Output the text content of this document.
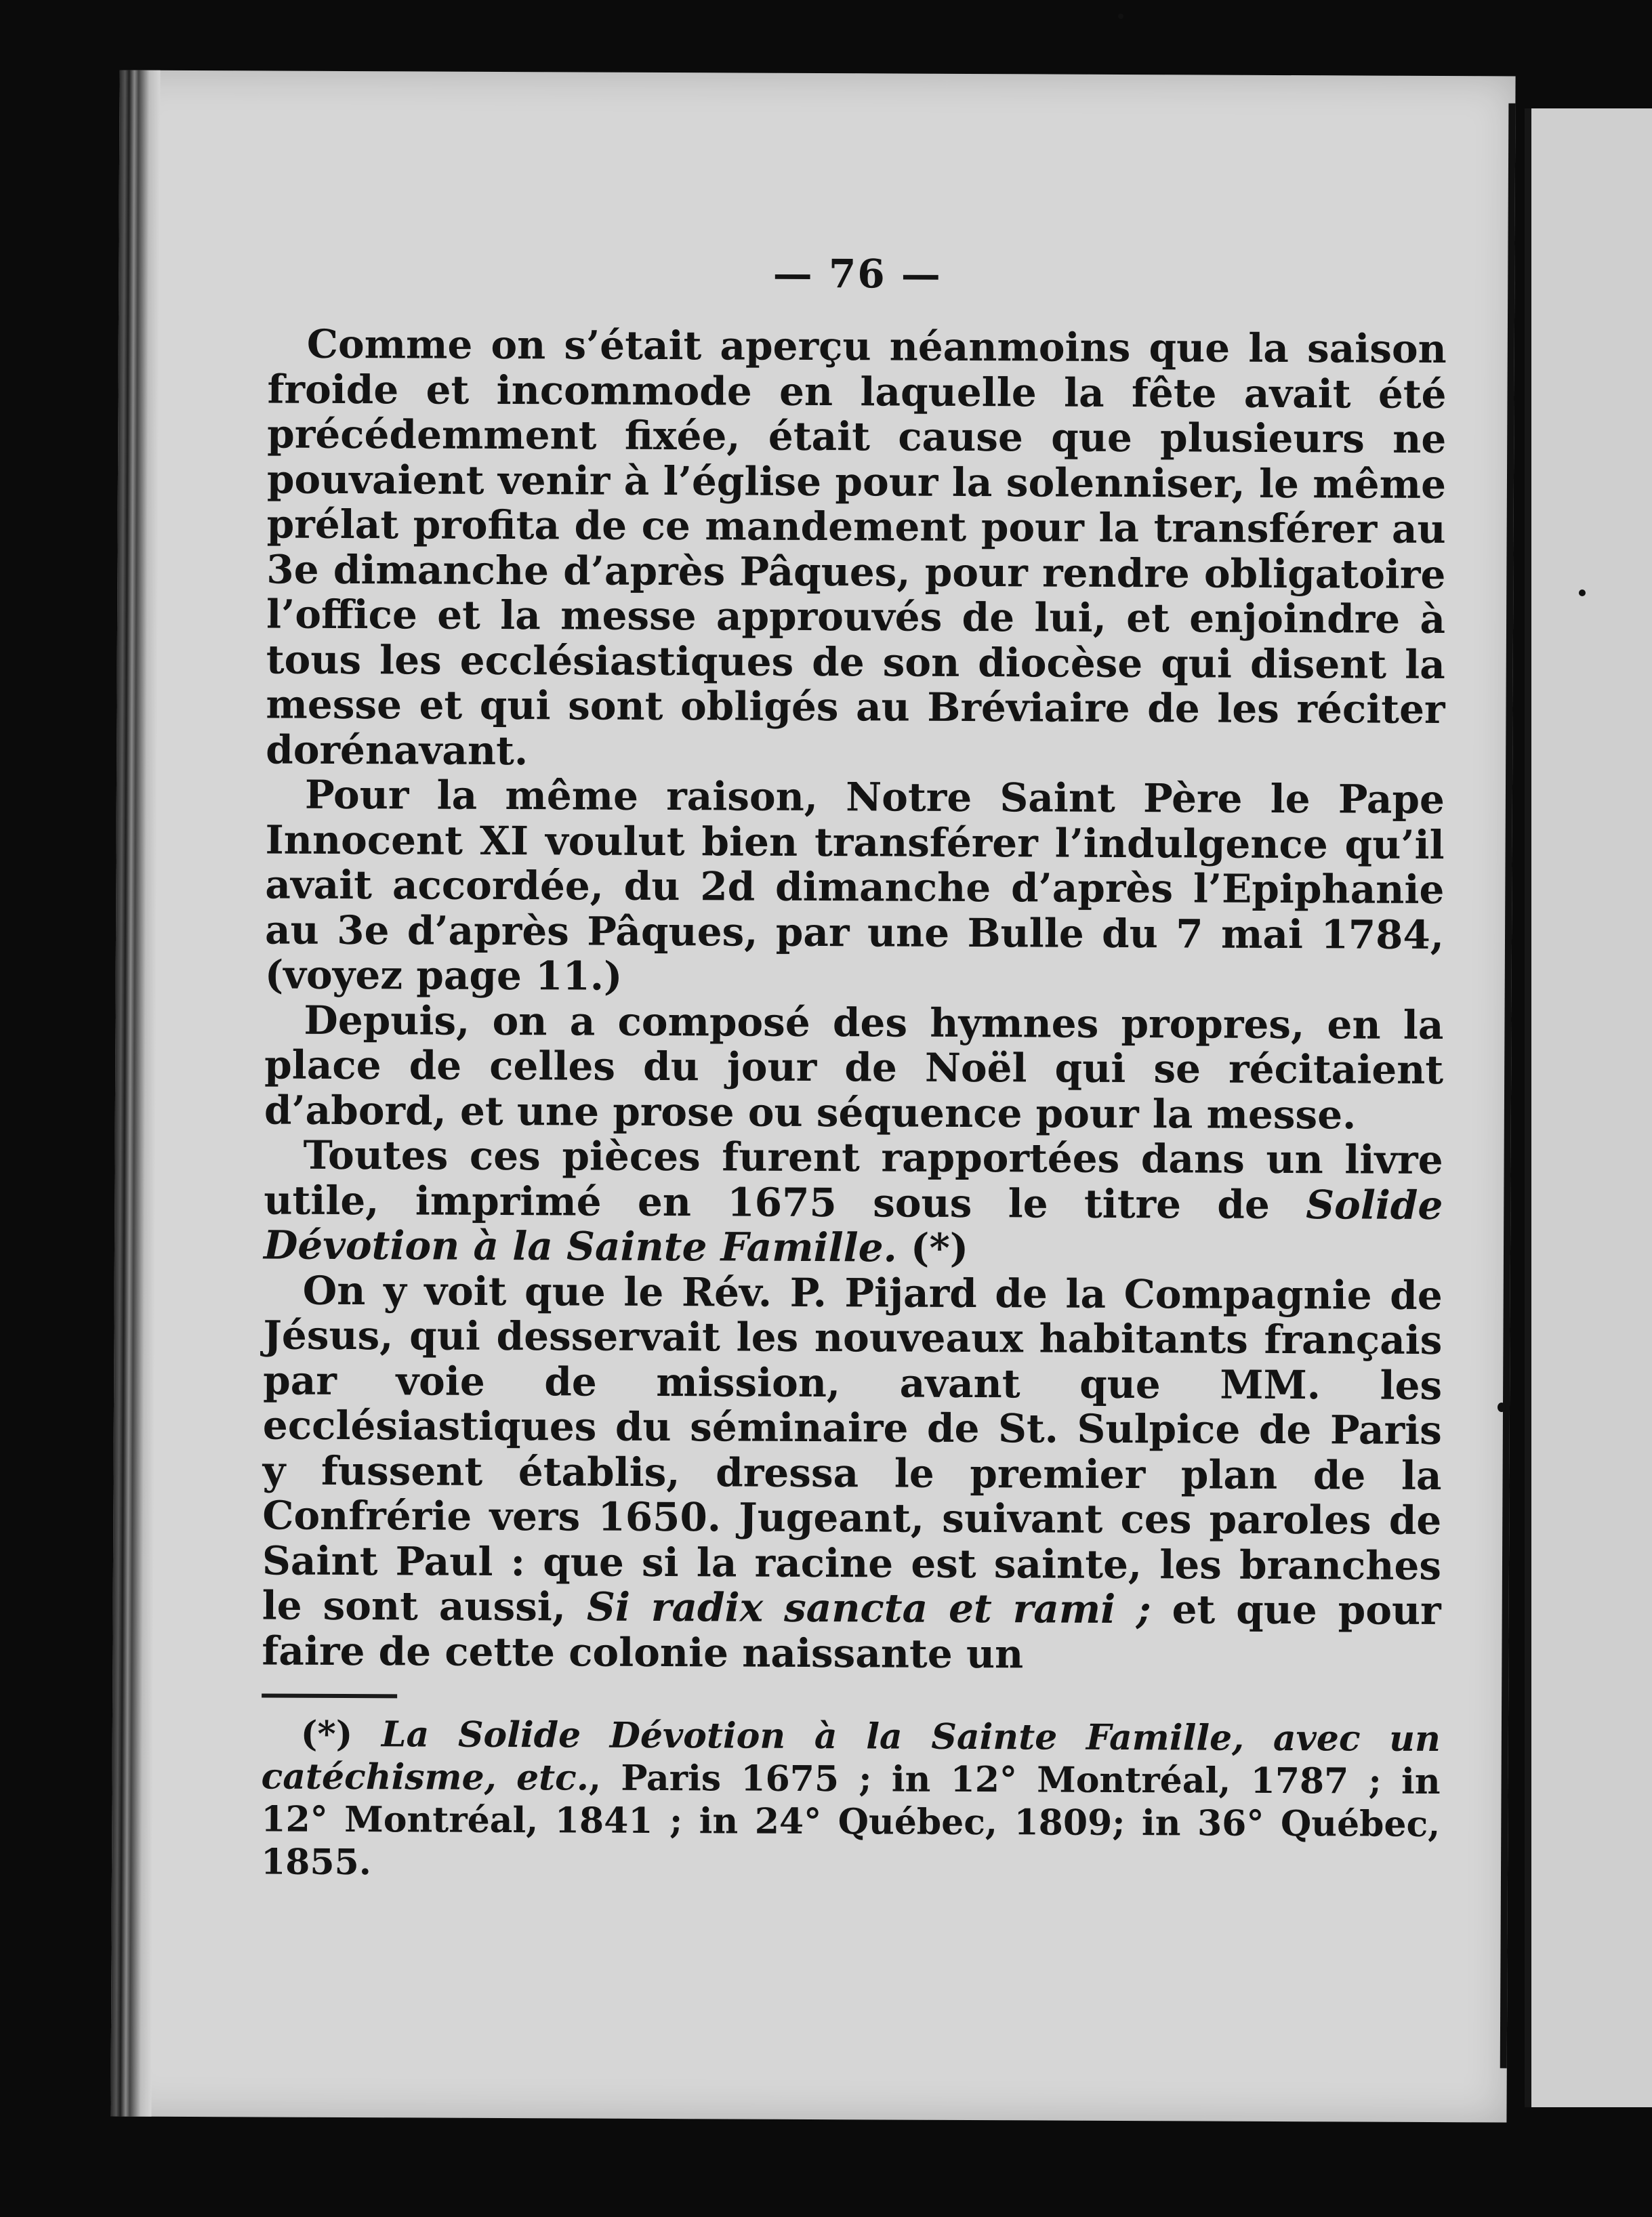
— 76 —

Comme on s’était aperçu néanmoins que la saison froide et incommode en laquelle la fête avait été précédemment fixée, était cause que plusieurs ne pouvaient venir à l’église pour la solenniser, le même prélat profita de ce mandement pour la transférer au 3e dimanche d’après Pâques, pour rendre obligatoire l’office et la messe approuvés de lui, et enjoindre à tous les ecclésiastiques de son diocèse qui disent la messe et qui sont obligés au Bréviaire de les réciter dorénavant.

Pour la même raison, Notre Saint Père le Pape Innocent XI voulut bien transférer l’indulgence qu’il avait accordée, du 2d dimanche d’après l’Epiphanie au 3e d’après Pâques, par une Bulle du 7 mai 1784, (voyez page 11.)

Depuis, on a composé des hymnes propres, en la place de celles du jour de Noël qui se récitaient d’abord, et une prose ou séquence pour la messe.

Toutes ces pièces furent rapportées dans un livre utile, imprimé en 1675 sous le titre de Solide Dévotion à la Sainte Famille. (*)

On y voit que le Rév. P. Pijard de la Compagnie de Jésus, qui desservait les nouveaux habitants français par voie de mission, avant que MM. les ecclésiastiques du séminaire de St. Sulpice de Paris y fussent établis, dressa le premier plan de la Confrérie vers 1650. Jugeant, suivant ces paroles de Saint Paul : que si la racine est sainte, les branches le sont aussi, Si radix sancta et rami ; et que pour faire de cette colonie naissante un

(*) La Solide Dévotion à la Sainte Famille, avec un catéchisme, etc., Paris 1675 ; in 12° Montréal, 1787 ; in 12° Montréal, 1841 ; in 24° Québec, 1809; in 36° Québec, 1855.
